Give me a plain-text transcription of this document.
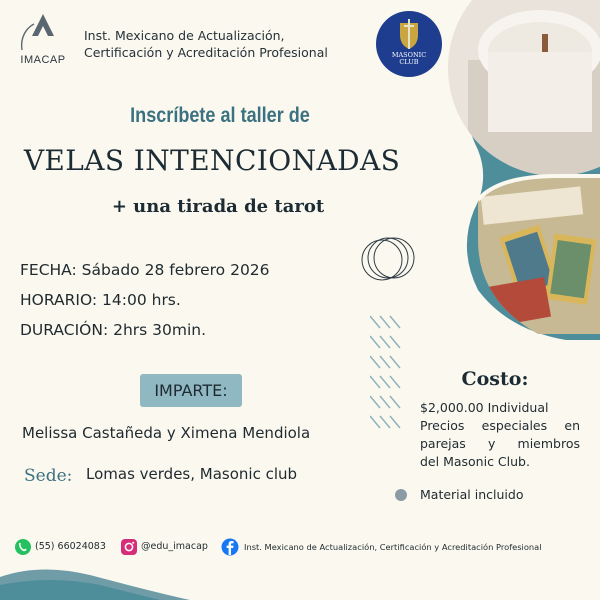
IMACAP
Inst. Mexicano de Actualización,
Certificación y Acreditación Profesional	MASONIC
CLUB
Inscríbete al taller de
VELAS INTENCIONADAS
+ una tirada de tarot
FECHA: Sábado 28 febrero 2026
HORARIO: 14:00 hrs.
DURACIÓN: 2hrs 30min.
IMPARTE:
Melissa Castañeda y Ximena Mendiola
Sede: Lomas verdes, Masonic club
Costo:
$2,000.00 Individual
Precios especiales en
parejas y miembros
del Masonic Club.
Material incluido
(55) 66024083	@edu_imacap	Inst. Mexicano de Actualización, Certificación y Acreditación Profesional
